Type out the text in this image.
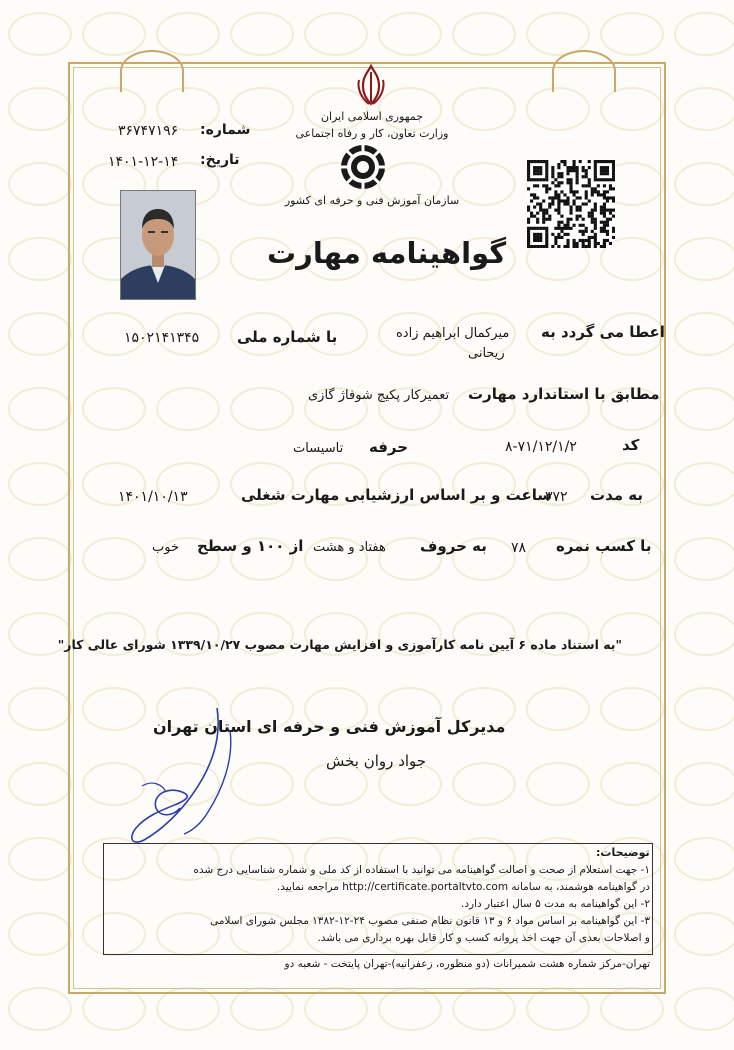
جمهوری اسلامی ایران
وزارت تعاون، کار و رفاه اجتماعی
سازمان آموزش فنی و حرفه ای کشور
شماره:
۳۶۷۴۷۱۹۶
تاریخ:
۱۴۰۱-۱۲-۱۴
گواهینامه مهارت
اعطا می گردد به
میرکمال ابراهیم زاده
ریحانی
با شماره ملی
۱۵۰۲۱۴۱۳۴۵
مطابق با استاندارد مهارت
تعمیرکار پکیج شوفاژ گازی
کد
۸-۷۱/۱۲/۱/۲
حرفه
تاسیسات
به مدت
۳۷۲
ساعت و بر اساس ارزشیابی مهارت شغلی
۱۴۰۱/۱۰/۱۳
با کسب نمره
۷۸
به حروف
هفتاد و هشت
از ۱۰۰ و سطح
خوب
"به استناد ماده ۶ آیین نامه کارآموزی و افزایش مهارت مصوب ۱۳۳۹/۱۰/۲۷ شورای عالی کار"
مدیرکل آموزش فنی و حرفه ای استان تهران
جواد روان بخش
توضیحات:
۱- جهت استعلام از صحت و اصالت گواهینامه می توانید با استفاده از کد ملی و شماره شناسایی درج شده
در گواهینامه هوشمند، به سامانه http://certificate.portaltvto.com مراجعه نمایید.
۲- این گواهینامه به مدت ۵ سال اعتبار دارد.
۳- این گواهینامه بر اساس مواد ۶ و ۱۳ قانون نظام صنفی مصوب ۲۴-۱۲-۱۳۸۲ مجلس شورای اسلامی
و اصلاحات بعدی آن جهت اخذ پروانه کسب و کار قابل بهره برداری می باشد.
تهران-مرکز شماره هشت شمیرانات (دو منظوره، زعفرانیه)-تهران پایتخت - شعبه دو
